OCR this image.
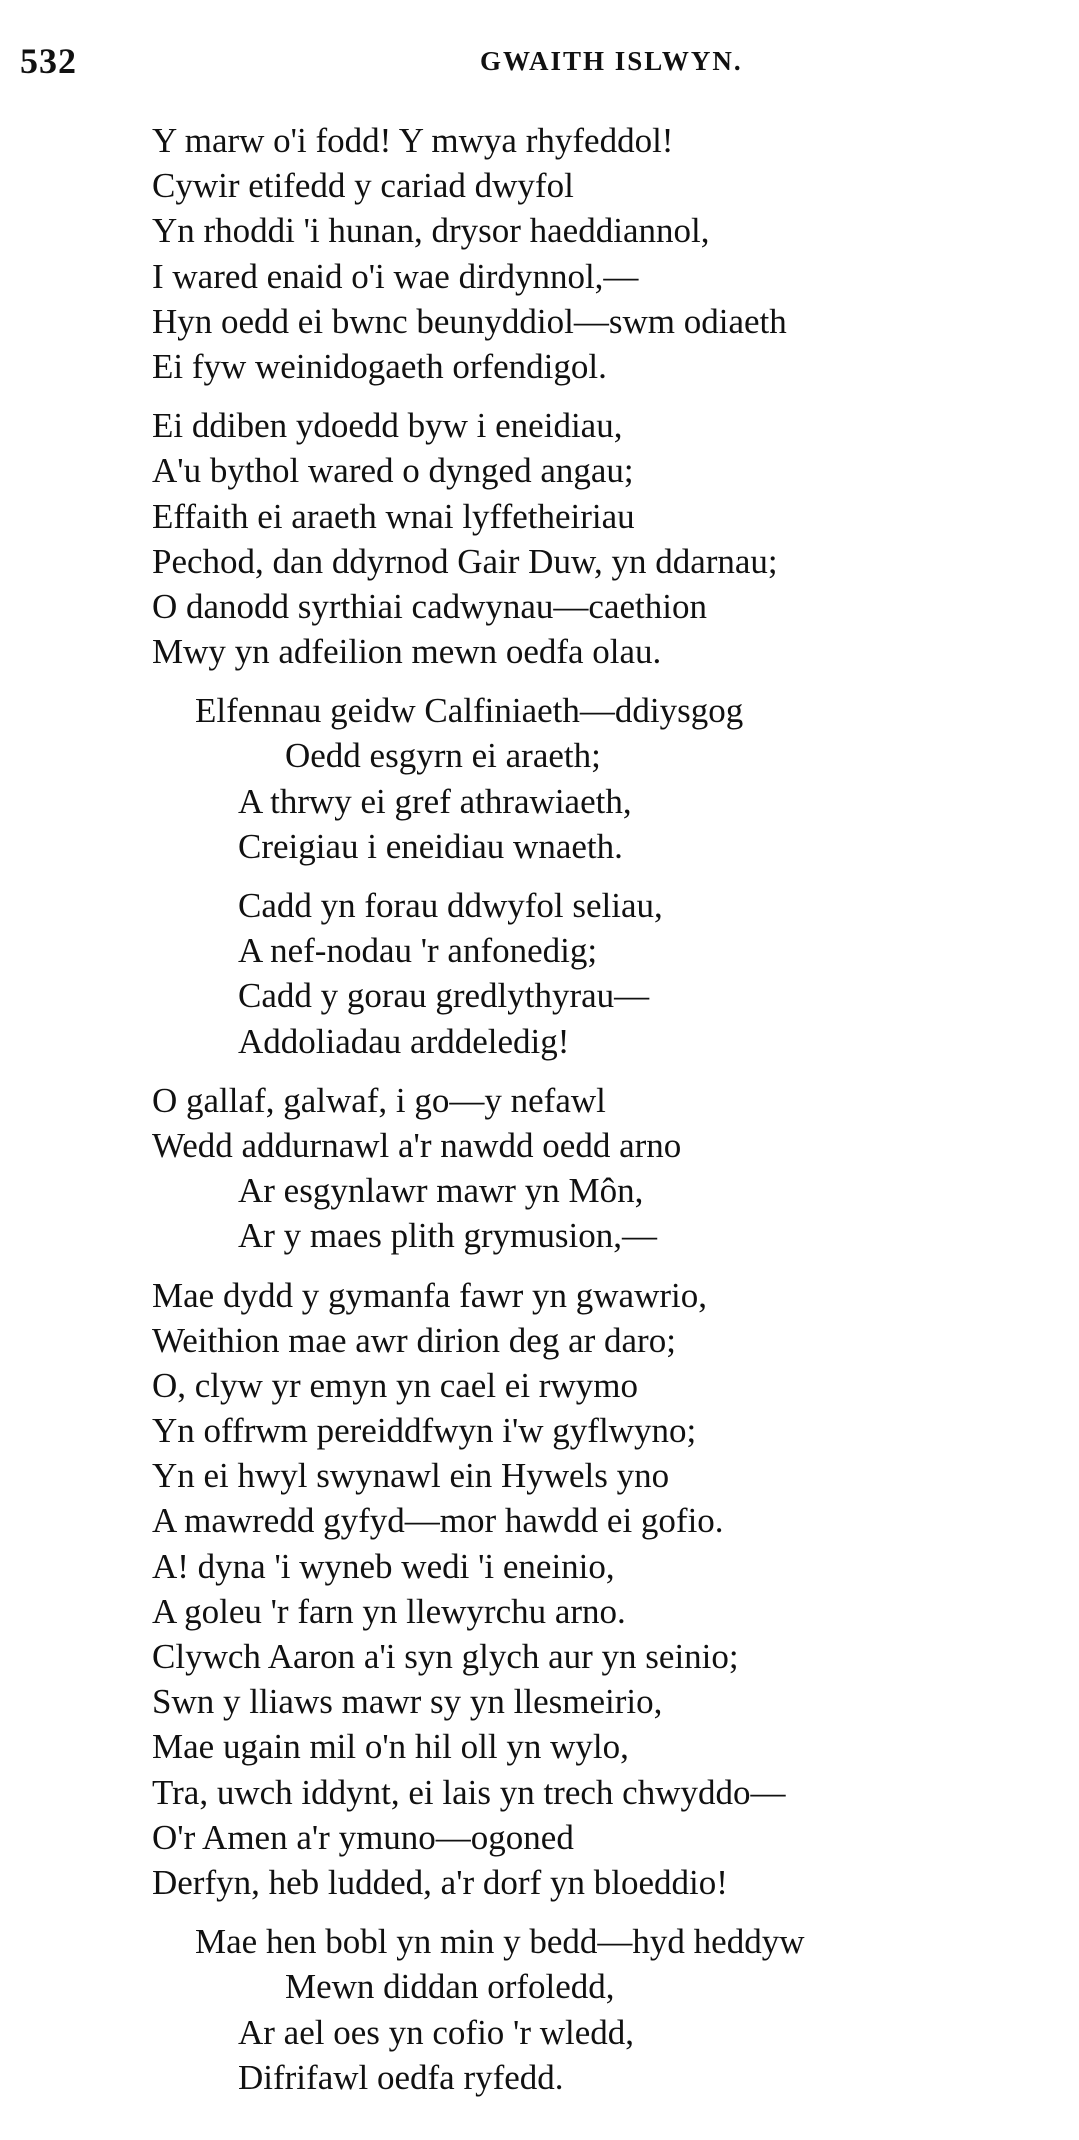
532	GWAITH ISLWYN.
Y marw o'i fodd! Y mwya rhyfeddol!
Cywir etifedd y cariad dwyfol
Yn rhoddi 'i hunan, drysor haeddiannol,
I wared enaid o'i wae dirdynnol,—
Hyn oedd ei bwnc beunyddiol—swm odiaeth
Ei fyw weinidogaeth orfendigol.
Ei ddiben ydoedd byw i eneidiau,
A'u bythol wared o dynged angau;
Effaith ei araeth wnai lyffetheiriau
Pechod, dan ddyrnod Gair Duw, yn ddarnau;
O danodd syrthiai cadwynau—caethion
Mwy yn adfeilion mewn oedfa olau.
Elfennau geidw Calfiniaeth—ddiysgog
Oedd esgyrn ei araeth;
A thrwy ei gref athrawiaeth,
Creigiau i eneidiau wnaeth.
Cadd yn forau ddwyfol seliau,
A nef-nodau 'r anfonedig;
Cadd y gorau gredlythyrau—
Addoliadau arddeledig!
O gallaf, galwaf, i go—y nefawl
Wedd addurnawl a'r nawdd oedd arno
Ar esgynlawr mawr yn Môn,
Ar y maes plith grymusion,—
Mae dydd y gymanfa fawr yn gwawrio,
Weithion mae awr dirion deg ar daro;
O, clyw yr emyn yn cael ei rwymo
Yn offrwm pereiddfwyn i'w gyflwyno;
Yn ei hwyl swynawl ein Hywels yno
A mawredd gyfyd—mor hawdd ei gofio.
A! dyna 'i wyneb wedi 'i eneinio,
A goleu 'r farn yn llewyrchu arno.
Clywch Aaron a'i syn glych aur yn seinio;
Swn y lliaws mawr sy yn llesmeirio,
Mae ugain mil o'n hil oll yn wylo,
Tra, uwch iddynt, ei lais yn trech chwyddo—
O'r Amen a'r ymuno—ogoned
Derfyn, heb ludded, a'r dorf yn bloeddio!
Mae hen bobl yn min y bedd—hyd heddyw
Mewn diddan orfoledd,
Ar ael oes yn cofio 'r wledd,
Difrifawl oedfa ryfedd.
